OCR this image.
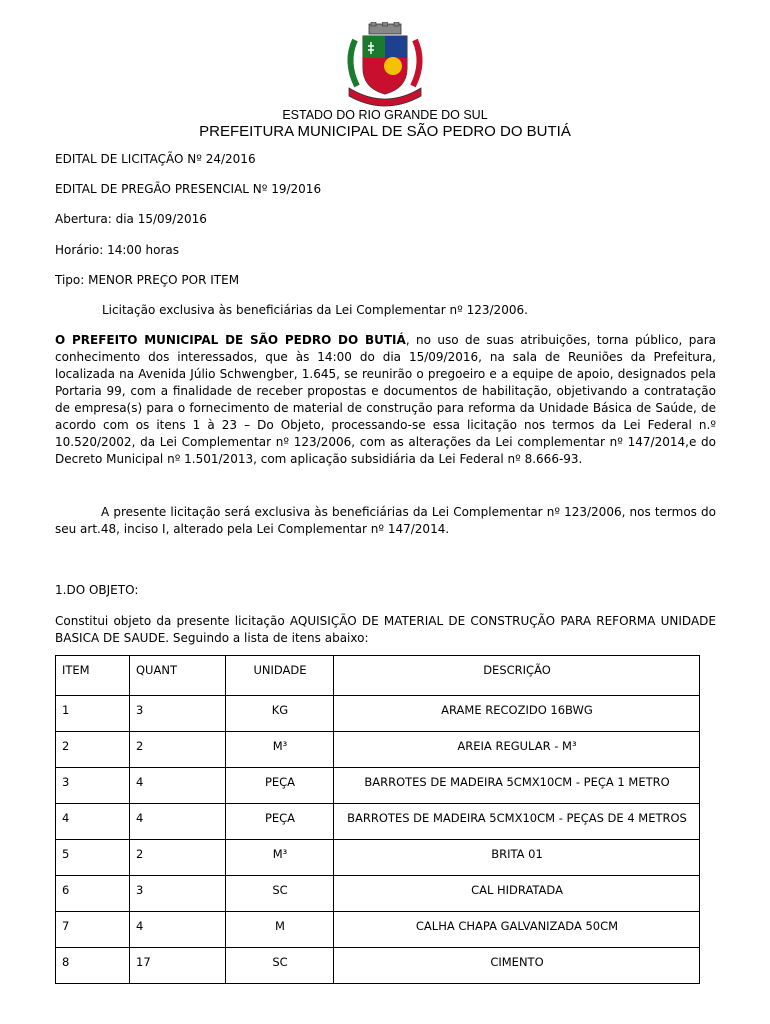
ESTADO DO RIO GRANDE DO SUL
PREFEITURA MUNICIPAL DE SÃO PEDRO DO BUTIÁ
EDITAL DE LICITAÇÃO Nº 24/2016
EDITAL DE PREGÃO PRESENCIAL Nº 19/2016
Abertura: dia 15/09/2016
Horário: 14:00 horas
Tipo: MENOR PREÇO POR ITEM
Licitação exclusiva às beneficiárias da Lei Complementar nº 123/2006.
O PREFEITO MUNICIPAL DE SÃO PEDRO DO BUTIÁ, no uso de suas atribuições, torna público, para conhecimento dos interessados, que às 14:00 do dia 15/09/2016, na sala de Reuniões da Prefeitura, localizada na Avenida Júlio Schwengber, 1.645, se reunirão o pregoeiro e a equipe de apoio, designados pela Portaria 99, com a finalidade de receber propostas e documentos de habilitação, objetivando a contratação de empresa(s) para o fornecimento de material de construção para reforma da Unidade Básica de Saúde, de acordo com os itens 1 à 23 – Do Objeto, processando-se essa licitação nos termos da Lei Federal n.º 10.520/2002, da Lei Complementar nº 123/2006, com as alterações da Lei complementar nº 147/2014,e do Decreto Municipal nº 1.501/2013, com aplicação subsidiária da Lei Federal nº 8.666-93.
A presente licitação será exclusiva às beneficiárias da Lei Complementar nº 123/2006, nos termos do seu art.48, inciso I, alterado pela Lei Complementar nº 147/2014.
1.DO OBJETO:
Constitui objeto da presente licitação AQUISIÇÃO DE MATERIAL DE CONSTRUÇÃO PARA REFORMA UNIDADE BASICA DE SAUDE. Seguindo a lista de itens abaixo:
ITEM	QUANT	UNIDADE	DESCRIÇÃO
1	3	KG	ARAME RECOZIDO 16BWG
2	2	M³	AREIA REGULAR - M³
3	4	PEÇA	BARROTES DE MADEIRA 5CMX10CM - PEÇA 1 METRO
4	4	PEÇA	BARROTES DE MADEIRA 5CMX10CM - PEÇAS DE 4 METROS
5	2	M³	BRITA 01
6	3	SC	CAL HIDRATADA
7	4	M	CALHA CHAPA GALVANIZADA 50CM
8	17	SC	CIMENTO
